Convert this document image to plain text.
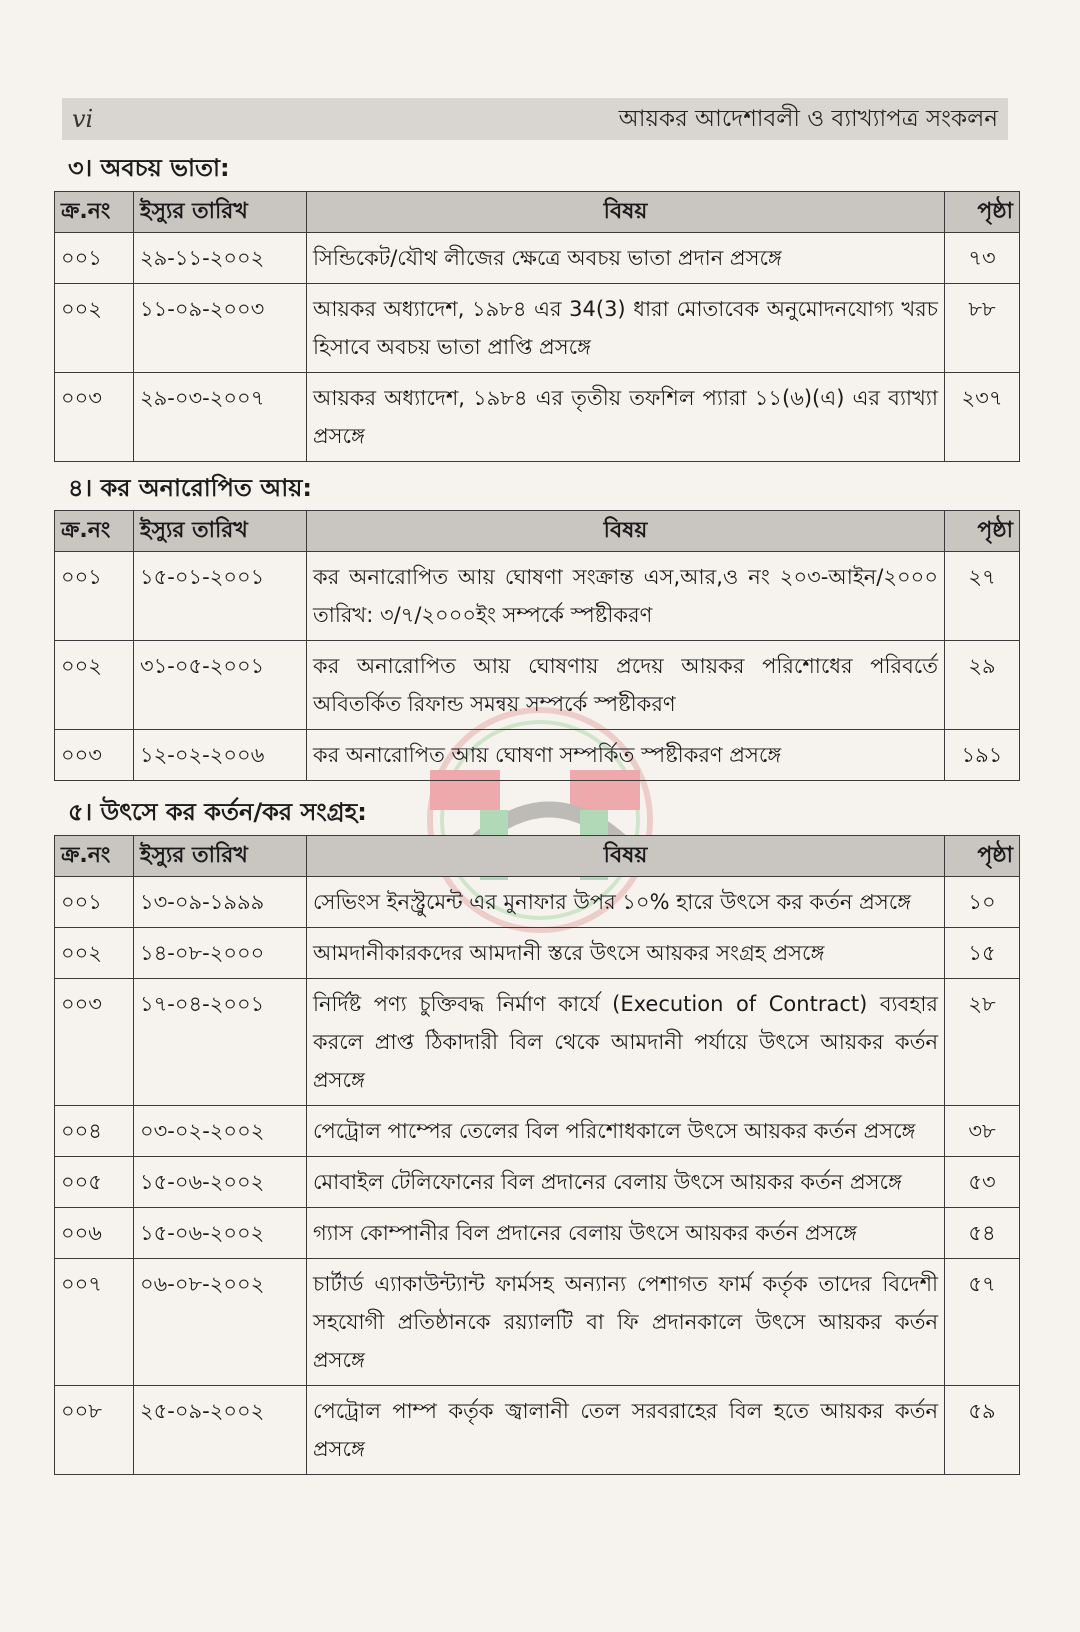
vi	আয়কর আদেশাবলী ও ব্যাখ্যাপত্র সংকলন
৩। অবচয় ভাতা:
ক্র.নং	ইস্যুর তারিখ	বিষয়	পৃষ্ঠা
০০১	২৯-১১-২০০২	সিন্ডিকেট/যৌথ লীজের ক্ষেত্রে অবচয় ভাতা প্রদান প্রসঙ্গে	৭৩
০০২	১১-০৯-২০০৩	আয়কর অধ্যাদেশ, ১৯৮৪ এর 34(3) ধারা মোতাবেক অনুমোদনযোগ্য খরচ হিসাবে অবচয় ভাতা প্রাপ্তি প্রসঙ্গে	৮৮
০০৩	২৯-০৩-২০০৭	আয়কর অধ্যাদেশ, ১৯৮৪ এর তৃতীয় তফশিল প্যারা ১১(৬)(এ) এর ব্যাখ্যা প্রসঙ্গে	২৩৭
৪। কর অনারোপিত আয়:
ক্র.নং	ইস্যুর তারিখ	বিষয়	পৃষ্ঠা
০০১	১৫-০১-২০০১	কর অনারোপিত আয় ঘোষণা সংক্রান্ত এস,আর,ও নং ২০৩-আইন/২০০০ তারিখ: ৩/৭/২০০০ইং সম্পর্কে স্পষ্টীকরণ	২৭
০০২	৩১-০৫-২০০১	কর অনারোপিত আয় ঘোষণায় প্রদেয় আয়কর পরিশোধের পরিবর্তে অবিতর্কিত রিফান্ড সমন্বয় সম্পর্কে স্পষ্টীকরণ	২৯
০০৩	১২-০২-২০০৬	কর অনারোপিত আয় ঘোষণা সম্পর্কিত স্পষ্টীকরণ প্রসঙ্গে	১৯১
৫। উৎসে কর কর্তন/কর সংগ্রহ:
ক্র.নং	ইস্যুর তারিখ	বিষয়	পৃষ্ঠা
০০১	১৩-০৯-১৯৯৯	সেভিংস ইনস্ট্রুমেন্ট এর মুনাফার উপর ১০% হারে উৎসে কর কর্তন প্রসঙ্গে	১০
০০২	১৪-০৮-২০০০	আমদানীকারকদের আমদানী স্তরে উৎসে আয়কর সংগ্রহ প্রসঙ্গে	১৫
০০৩	১৭-০৪-২০০১	নির্দিষ্ট পণ্য চুক্তিবদ্ধ নির্মাণ কার্যে (Execution of Contract) ব্যবহার করলে প্রাপ্ত ঠিকাদারী বিল থেকে আমদানী পর্যায়ে উৎসে আয়কর কর্তন প্রসঙ্গে	২৮
০০৪	০৩-০২-২০০২	পেট্রোল পাম্পের তেলের বিল পরিশোধকালে উৎসে আয়কর কর্তন প্রসঙ্গে	৩৮
০০৫	১৫-০৬-২০০২	মোবাইল টেলিফোনের বিল প্রদানের বেলায় উৎসে আয়কর কর্তন প্রসঙ্গে	৫৩
০০৬	১৫-০৬-২০০২	গ্যাস কোম্পানীর বিল প্রদানের বেলায় উৎসে আয়কর কর্তন প্রসঙ্গে	৫৪
০০৭	০৬-০৮-২০০২	চার্টার্ড এ্যাকাউন্ট্যান্ট ফার্মসহ অন্যান্য পেশাগত ফার্ম কর্তৃক তাদের বিদেশী সহযোগী প্রতিষ্ঠানকে রয়্যালটি বা ফি প্রদানকালে উৎসে আয়কর কর্তন প্রসঙ্গে	৫৭
০০৮	২৫-০৯-২০০২	পেট্রোল পাম্প কর্তৃক জ্বালানী তেল সরবরাহের বিল হতে আয়কর কর্তন প্রসঙ্গে	৫৯
